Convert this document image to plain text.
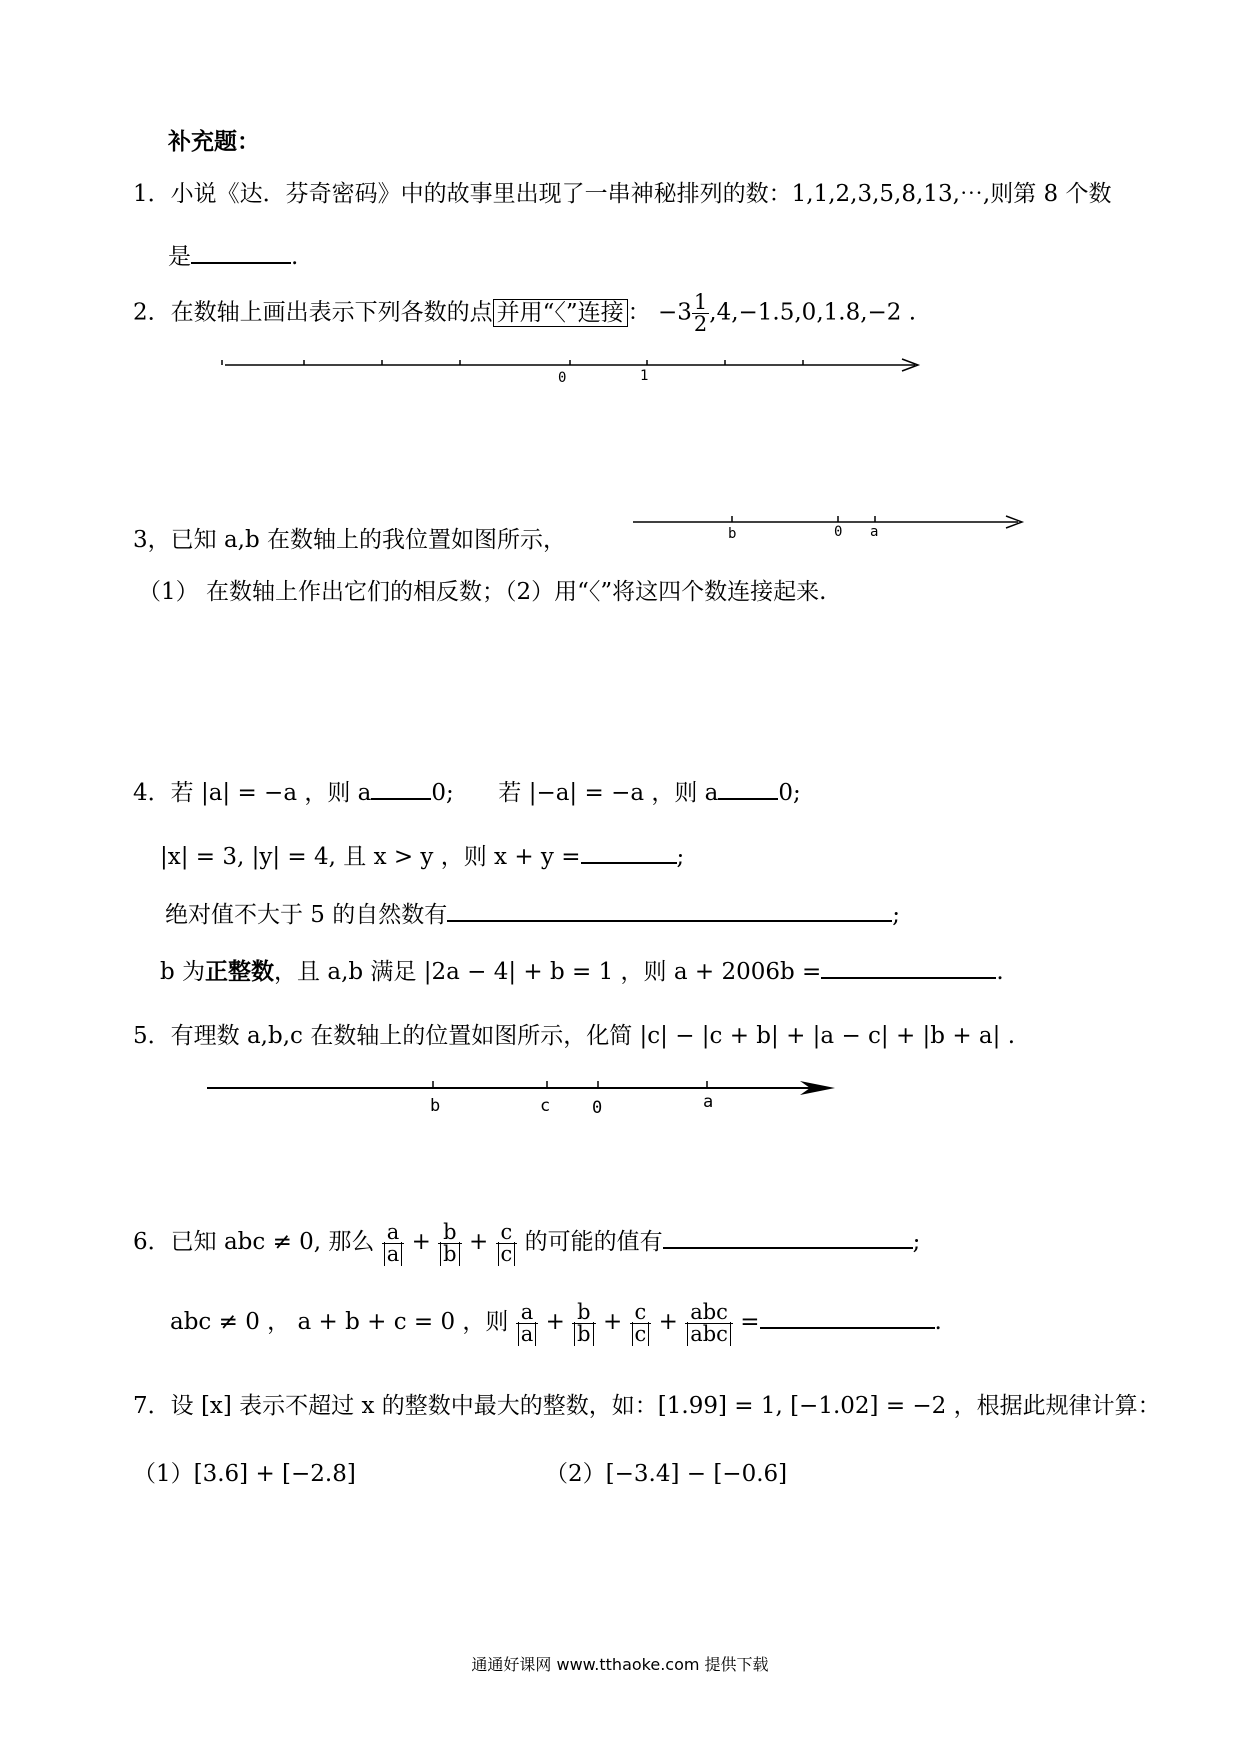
补充题：
1．小说《达．芬奇密码》中的故事里出现了一串神秘排列的数：1,1,2,3,5,8,13,⋯,则第 8 个数
是	.
2．在数轴上画出表示下列各数的点 并用“〈”连接 ： $-3 \frac{1}{2} ,4,-1.5,0,1.8,-2$ .
0	1
3，已知 a,b 在数轴上的我位置如图所示，	b	0 a
（1） 在数轴上作出它们的相反数；（2）用“〈”将这四个数连接起来.
4．若 |a| = −a ，则 a	0; 若 |−a| = −a ，则 a	0;
|x| = 3, |y| = 4, 且 x > y ，则 x + y =	;
绝对值不大于 5 的自然数有	;
b 为正整数，且 a,b 满足 |2a − 4| + b = 1 ，则 a + 2006b =	.
5．有理数 a,b,c 在数轴上的位置如图所示，化简 |c| − |c + b| + |a − c| + |b + a| .
b	c 0	a
6．已知 abc ≠ 0, 那么 $\frac{a}{a} + \frac{b}{b} + \frac{c}{c}$ 的可能的值有	;
abc ≠ 0 ， a + b + c = 0 ，则 $\frac{a}{a} + \frac{b}{b} + \frac{c}{c} + \frac{\text{abc}}{\text{abc}}$ =	.
7．设 [x] 表示不超过 x 的整数中最大的整数，如：[1.99] = 1, [−1.02] = −2 ，根据此规律计算：
（1）[3.6] + [−2.8]	（2）[−3.4] − [−0.6]
通通好课网 www.tthaoke.com 提供下载
